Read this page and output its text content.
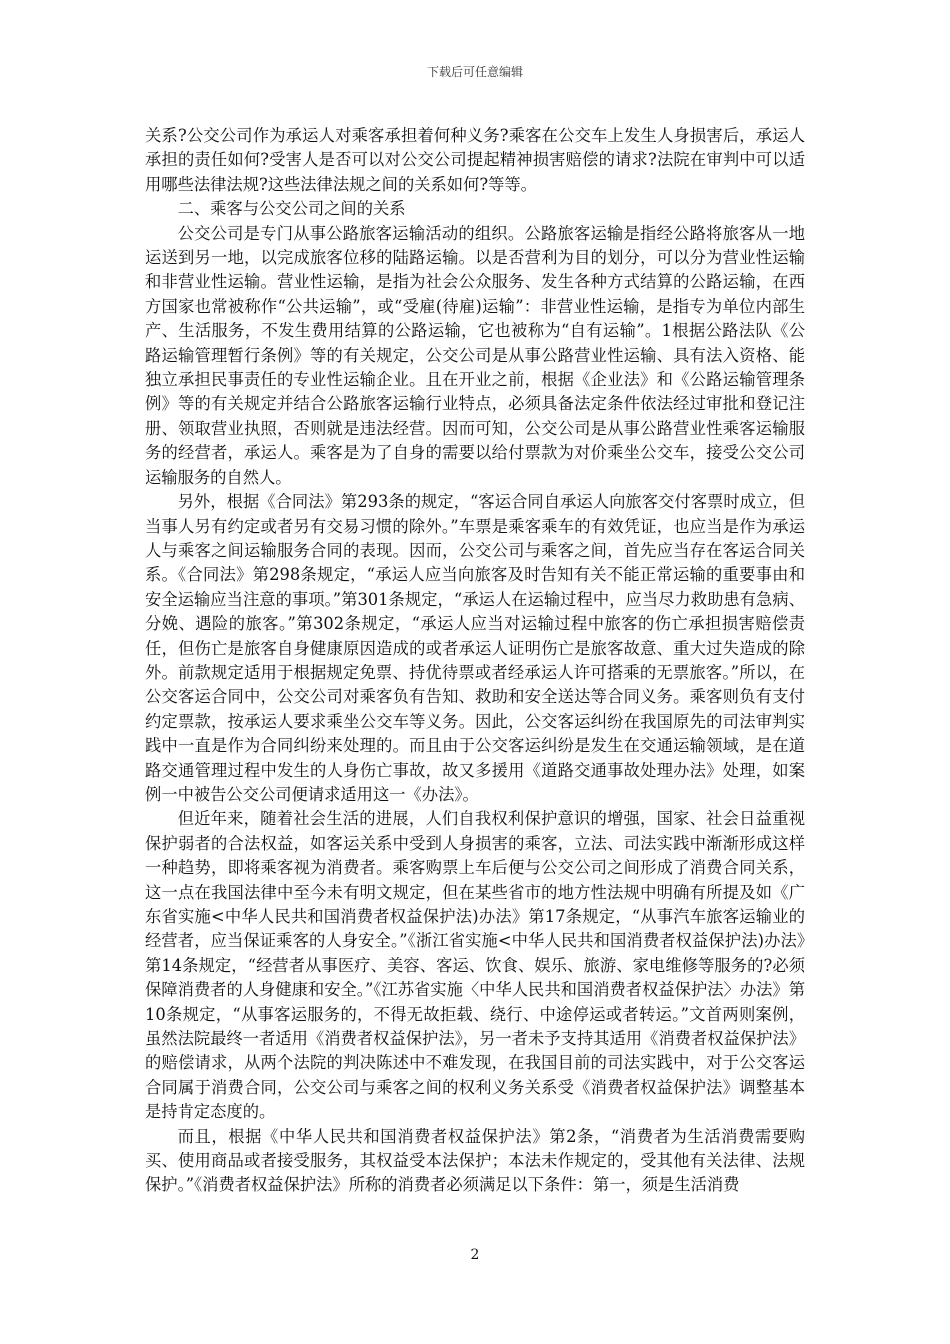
下载后可任意编辑

关系?公交公司作为承运人对乘客承担着何种义务?乘客在公交车上发生人身损害后，承运人承担的责任如何?受害人是否可以对公交公司提起精神损害赔偿的请求?法院在审判中可以适用哪些法律法规?这些法律法规之间的关系如何?等等。

二、乘客与公交公司之间的关系

公交公司是专门从事公路旅客运输活动的组织。公路旅客运输是指经公路将旅客从一地运送到另一地，以完成旅客位移的陆路运输。以是否营利为目的划分，可以分为营业性运输和非营业性运输。营业性运输，是指为社会公众服务、发生各种方式结算的公路运输，在西方国家也常被称作“公共运输”，或“受雇(待雇)运输”：非营业性运输，是指专为单位内部生产、生活服务，不发生费用结算的公路运输，它也被称为“自有运输”。1根据公路法队《公路运输管理暂行条例》等的有关规定，公交公司是从事公路营业性运输、具有法入资格、能独立承担民事责任的专业性运输企业。且在开业之前，根据《企业法》和《公路运输管理条例》等的有关规定并结合公路旅客运输行业特点，必须具备法定条件依法经过审批和登记注册、领取营业执照，否则就是违法经营。因而可知，公交公司是从事公路营业性乘客运输服务的经营者，承运人。乘客是为了自身的需要以给付票款为对价乘坐公交车，接受公交公司运输服务的自然人。

另外，根据《合同法》第293条的规定，“客运合同自承运人向旅客交付客票时成立，但当事人另有约定或者另有交易习惯的除外。”车票是乘客乘车的有效凭证，也应当是作为承运人与乘客之间运输服务合同的表现。因而，公交公司与乘客之间，首先应当存在客运合同关系。《合同法》第298条规定，“承运人应当向旅客及时告知有关不能正常运输的重要事由和安全运输应当注意的事项。”第301条规定，“承运人在运输过程中，应当尽力救助患有急病、分娩、遇险的旅客。”第302条规定，“承运人应当对运输过程中旅客的伤亡承担损害赔偿责任，但伤亡是旅客自身健康原因造成的或者承运人证明伤亡是旅客故意、重大过失造成的除外。前款规定适用于根据规定免票、持优待票或者经承运人许可搭乘的无票旅客。”所以，在公交客运合同中，公交公司对乘客负有告知、救助和安全送达等合同义务。乘客则负有支付约定票款，按承运人要求乘坐公交车等义务。因此，公交客运纠纷在我国原先的司法审判实践中一直是作为合同纠纷来处理的。而且由于公交客运纠纷是发生在交通运输领域，是在道路交通管理过程中发生的人身伤亡事故，故又多援用《道路交通事故处理办法》处理，如案例一中被告公交公司便请求适用这一《办法》。

但近年来，随着社会生活的进展，人们自我权利保护意识的增强，国家、社会日益重视保护弱者的合法权益，如客运关系中受到人身损害的乘客，立法、司法实践中渐渐形成这样一种趋势，即将乘客视为消费者。乘客购票上车后便与公交公司之间形成了消费合同关系，这一点在我国法律中至今未有明文规定，但在某些省市的地方性法规中明确有所提及如《广东省实施<中华人民共和国消费者权益保护法)办法》第17条规定，“从事汽车旅客运输业的经营者，应当保证乘客的人身安全。”《浙江省实施<中华人民共和国消费者权益保护法)办法》第14条规定，“经营者从事医疗、美容、客运、饮食、娱乐、旅游、家电维修等服务的?必须保障消费者的人身健康和安全。”《江苏省实施〈中华人民共和国消费者权益保护法〉办法》第10条规定，“从事客运服务的，不得无故拒载、绕行、中途停运或者转运。”文首两则案例，虽然法院最终一者适用《消费者权益保护法》，另一者未予支持其适用《消费者权益保护法》的赔偿请求，从两个法院的判决陈述中不难发现，在我国目前的司法实践中，对于公交客运合同属于消费合同，公交公司与乘客之间的权利义务关系受《消费者权益保护法》调整基本是持肯定态度的。

而且，根据《中华人民共和国消费者权益保护法》第2条，“消费者为生活消费需要购买、使用商品或者接受服务，其权益受本法保护；本法未作规定的，受其他有关法律、法规保护。”《消费者权益保护法》所称的消费者必须满足以下条件：第一，须是生活消费

2
